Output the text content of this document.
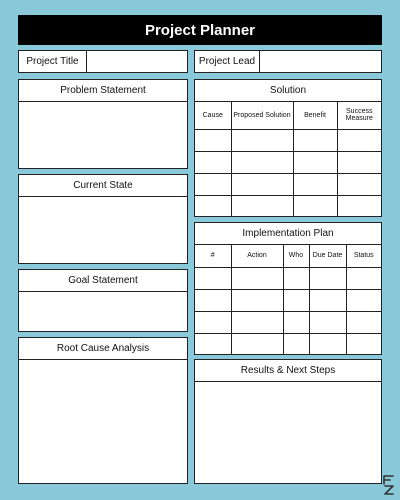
Project Planner
Project Title	Project Lead
Problem Statement
Current State
Goal Statement
Root Cause Analysis
Solution
Cause	Proposed Solution	Benefit	Success Measure

Implementation Plan
#	Action	Who	Due Date	Status

Results & Next Steps
